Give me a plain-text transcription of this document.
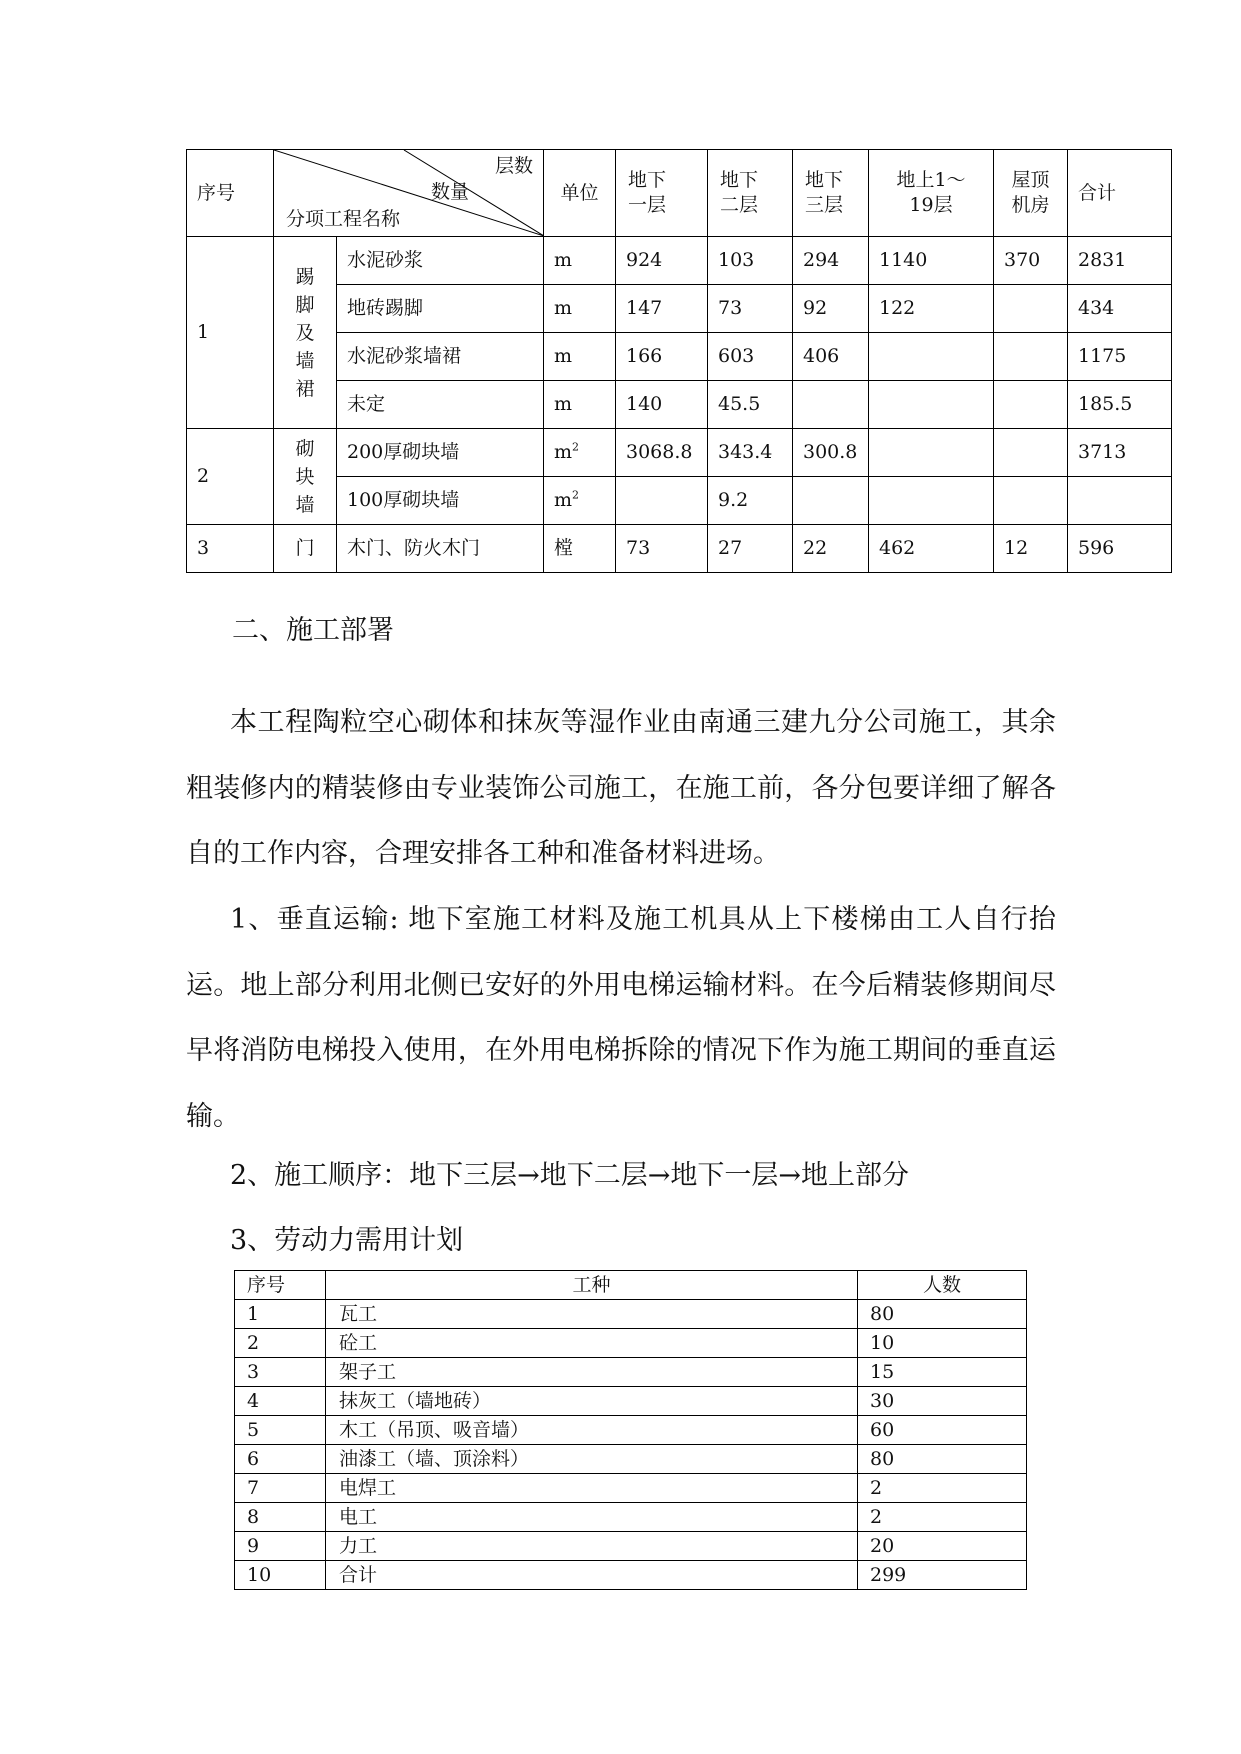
序号	层数
数量
分项工程名称		单位	地下一层	地下二层	地下三层	地上1～19层	屋顶机房	合计
1	踢脚及墙裙	水泥砂浆	m	924	103	294	1140	370	2831
		地砖踢脚	m	147	73	92	122		434
		水泥砂浆墙裙	m	166	603	406			1175
		未定	m	140	45.5				185.5
2	砌块墙	200厚砌块墙	$m^2$	3068.8	343.4	300.8			3713
		100厚砌块墙	$m^2$		9.2				
3	门	木门、防火木门	樘	73	27	22	462	12	596
二、施工部署

本工程陶粒空心砌体和抹灰等湿作业由南通三建九分公司施工，其余粗装修内的精装修由专业装饰公司施工，在施工前，各分包要详细了解各自的工作内容，合理安排各工种和准备材料进场。

1、垂直运输: 地下室施工材料及施工机具从上下楼梯由工人自行抬运。地上部分利用北侧已安好的外用电梯运输材料。在今后精装修期间尽早将消防电梯投入使用，在外用电梯拆除的情况下作为施工期间的垂直运输。

2、施工顺序：地下三层→地下二层→地下一层→地上部分

3、劳动力需用计划

序号	工种	人数
1	瓦工	80
2	砼工	10
3	架子工	15
4	抹灰工（墙地砖）	30
5	木工（吊顶、吸音墙）	60
6	油漆工（墙、顶涂料）	80
7	电焊工	2
8	电工	2
9	力工	20
10	合计	299
